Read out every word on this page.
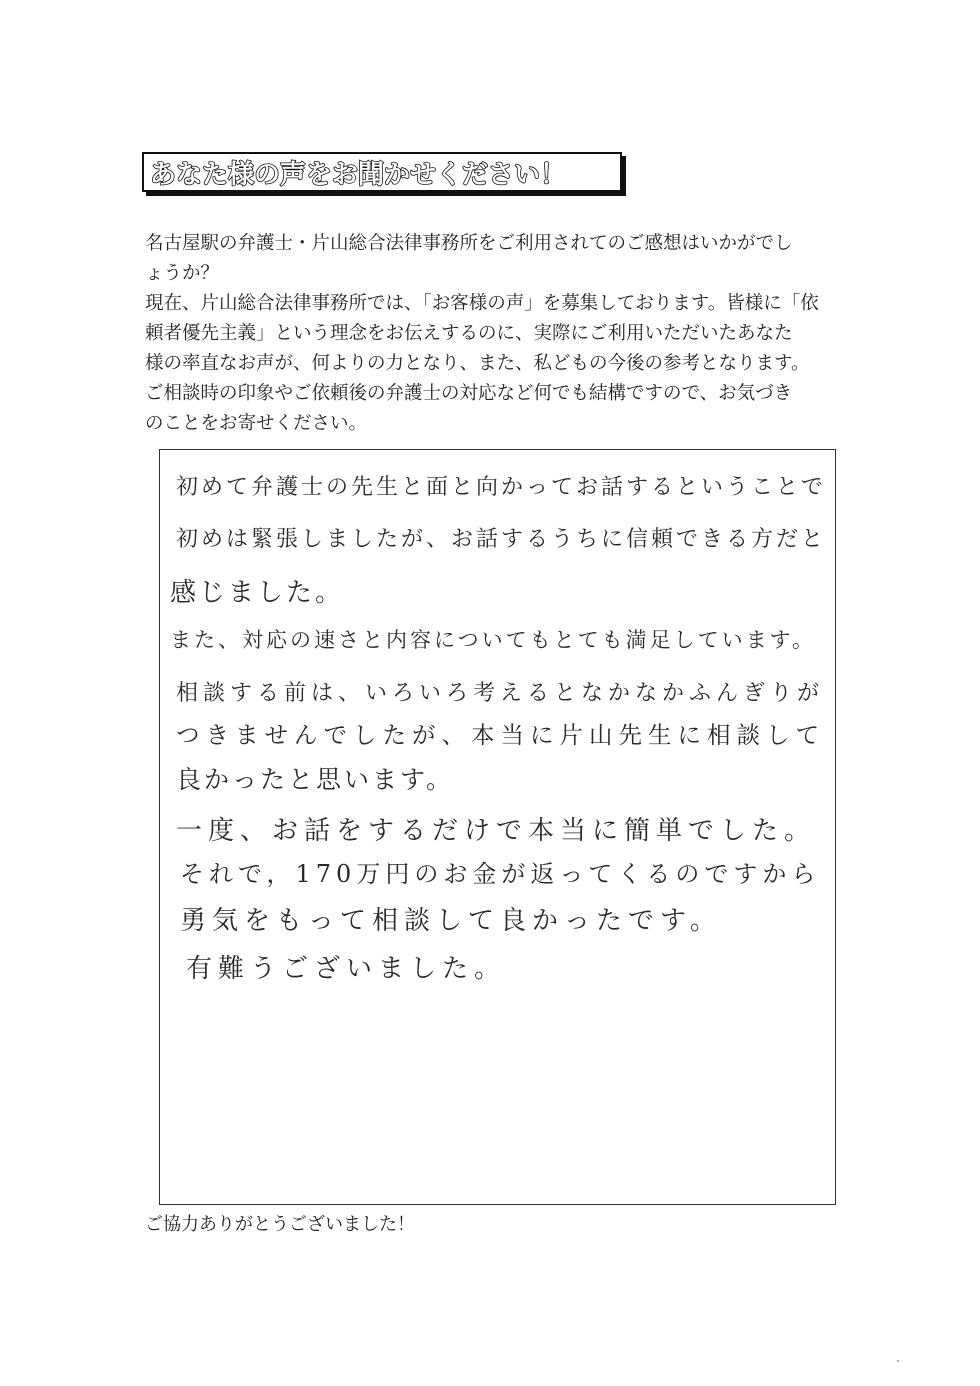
あなた様の声をお聞かせください！

名古屋駅の弁護士・片山総合法律事務所をご利用されてのご感想はいかがでし

ょうか？

現在、片山総合法律事務所では、「お客様の声」を募集しております。皆様に「依

頼者優先主義」という理念をお伝えするのに、実際にご利用いただいたあなた

様の率直なお声が、何よりの力となり、また、私どもの今後の参考となります。

ご相談時の印象やご依頼後の弁護士の対応など何でも結構ですので、お気づき

のことをお寄せください。

初めて弁護士の先生と面と向かってお話するということで
初めは緊張しましたが、お話するうちに信頼できる方だと
感じました。
また、対応の速さと内容についてもとても満足しています。
相談する前は、いろいろ考えるとなかなかふんぎりが
つきませんでしたが、本当に片山先生に相談して
良かったと思います。
一度、お話をするだけで本当に簡単でした。
それで，170万円のお金が返ってくるのですから
勇気をもって相談して良かったです。
有難うございました。
ご協力ありがとうございました！
